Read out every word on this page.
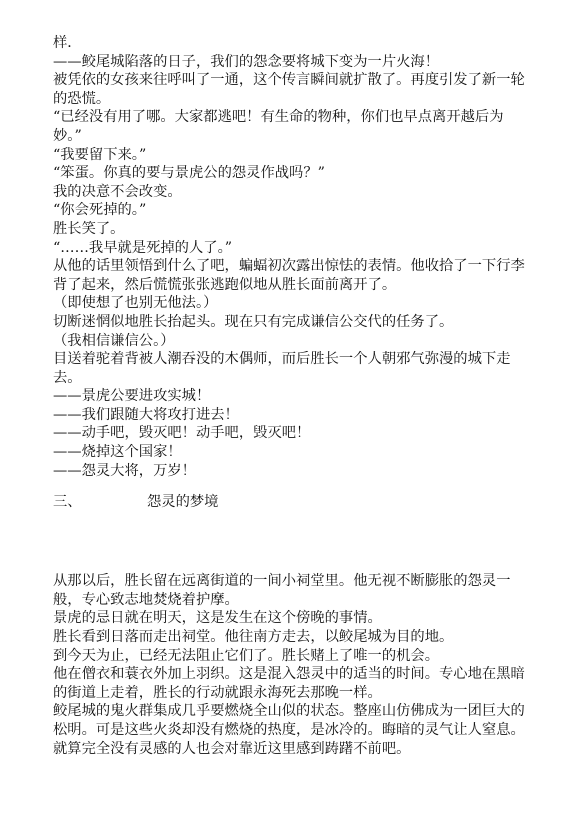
样．

——鲛尾城陷落的日子，我们的怨念要将城下变为一片火海！

被凭依的女孩来往呼叫了一通，这个传言瞬间就扩散了。再度引发了新一轮的恐慌。

“已经没有用了哪。大家都逃吧！有生命的物种，你们也早点离开越后为妙。”

“我要留下来。”

“笨蛋。你真的要与景虎公的怨灵作战吗？”

我的决意不会改变。

“你会死掉的。”

胜长笑了。

“……我早就是死掉的人了。”

从他的话里领悟到什么了吧，蝙蝠初次露出惊怯的表情。他收拾了一下行李背了起来，然后慌慌张张逃跑似地从胜长面前离开了。

（即使想了也别无他法。）

切断迷惘似地胜长抬起头。现在只有完成谦信公交代的任务了。

（我相信谦信公。）

目送着驼着背被人潮吞没的木偶师，而后胜长一个人朝邪气弥漫的城下走去。

——景虎公要进攻实城！

——我们跟随大将攻打进去！

——动手吧，毁灭吧！动手吧，毁灭吧！

——烧掉这个国家！

——怨灵大将，万岁！

三、	怨灵的梦境

从那以后，胜长留在远离街道的一间小祠堂里。他无视不断膨胀的怨灵一般，专心致志地焚烧着护摩。

景虎的忌日就在明天，这是发生在这个傍晚的事情。

胜长看到日落而走出祠堂。他往南方走去，以鲛尾城为目的地。

到今天为止，已经无法阻止它们了。胜长赌上了唯一的机会。

他在僧衣和蓑衣外加上羽织。这是混入怨灵中的适当的时间。专心地在黑暗的街道上走着，胜长的行动就跟永海死去那晚一样。

鲛尾城的鬼火群集成几乎要燃烧全山似的状态。整座山仿佛成为一团巨大的松明。可是这些火炎却没有燃烧的热度，是冰冷的。晦暗的灵气让人窒息。就算完全没有灵感的人也会对靠近这里感到踌躇不前吧。
